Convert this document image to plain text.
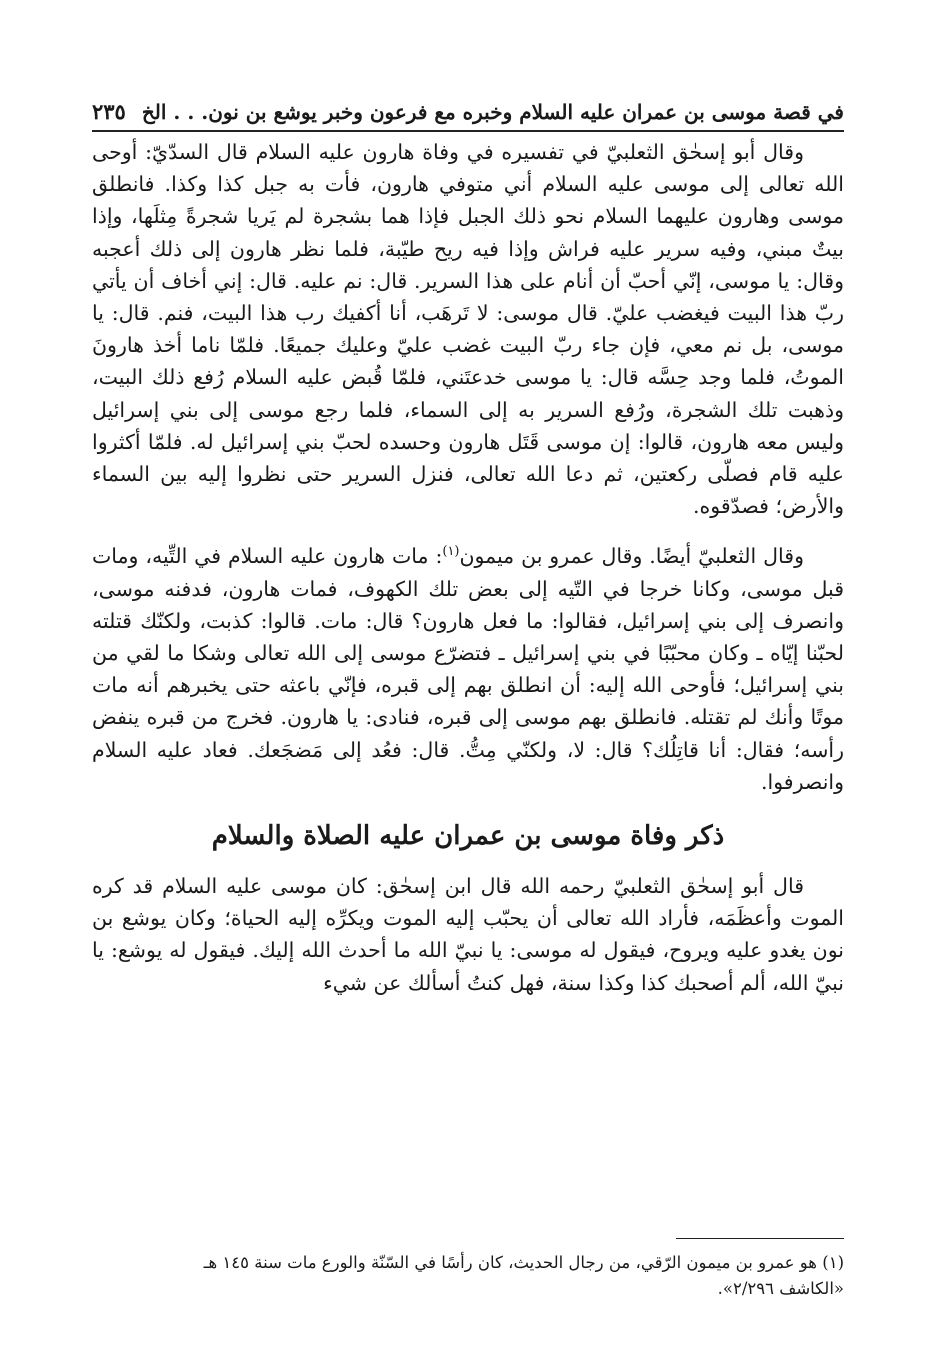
في قصة موسى بن عمران عليه السلام وخبره مع فرعون وخبر يوشع بن نون. . . الخ
٢٣٥

وقال أبو إسحٰق الثعلبيّ في تفسيره في وفاة هارون عليه السلام قال السدّيّ: أوحى الله تعالى إلى موسى عليه السلام أني متوفي هارون، فأت به جبل كذا وكذا. فانطلق موسى وهارون عليهما السلام نحو ذلك الجبل فإذا هما بشجرة لم يَريا شجرةً مِثلَها، وإذا بيتٌ مبني، وفيه سرير عليه فراش وإذا فيه ريح طيّبة، فلما نظر هارون إلى ذلك أعجبه وقال: يا موسى، إنّي أحبّ أن أنام على هذا السرير. قال: نم عليه. قال: إني أخاف أن يأتي ربّ هذا البيت فيغضب عليّ. قال موسى: لا تَرهَب، أنا أكفيك رب هذا البيت، فنم. قال: يا موسى، بل نم معي، فإن جاء ربّ البيت غضب عليّ وعليك جميعًا. فلمّا ناما أخذ هارونَ الموتُ، فلما وجد حِسَّه قال: يا موسى خدعتَني، فلمّا قُبض عليه السلام رُفع ذلك البيت، وذهبت تلك الشجرة، ورُفع السرير به إلى السماء، فلما رجع موسى إلى بني إسرائيل وليس معه هارون، قالوا: إن موسى قَتَل هارون وحسده لحبّ بني إسرائيل له. فلمّا أكثروا عليه قام فصلّى ركعتين، ثم دعا الله تعالى، فنزل السرير حتى نظروا إليه بين السماء والأرض؛ فصدّقوه.

وقال الثعلبيّ أيضًا. وقال عمرو بن ميمون$^{(١)}$: مات هارون عليه السلام في التِّيه، ومات قبل موسى، وكانا خرجا في التّيه إلى بعض تلك الكهوف، فمات هارون، فدفنه موسى، وانصرف إلى بني إسرائيل، فقالوا: ما فعل هارون؟ قال: مات. قالوا: كذبت، ولكنّك قتلته لحبّنا إيّاه ـ وكان محبّبًا في بني إسرائيل ـ فتضرّع موسى إلى الله تعالى وشكا ما لقي من بني إسرائيل؛ فأوحى الله إليه: أن انطلق بهم إلى قبره، فإنّي باعثه حتى يخبرهم أنه مات موتًا وأنك لم تقتله. فانطلق بهم موسى إلى قبره، فنادى: يا هارون. فخرج من قبره ينفض رأسه؛ فقال: أنا قاتِلُك؟ قال: لا، ولكنّي مِتُّ. قال: فعُد إلى مَضجَعك. فعاد عليه السلام وانصرفوا.

ذكر وفاة موسى بن عمران عليه الصلاة والسلام

قال أبو إسحٰق الثعلبيّ رحمه الله قال ابن إسحٰق: كان موسى عليه السلام قد كره الموت وأعظَمَه، فأراد الله تعالى أن يحبّب إليه الموت ويكرِّه إليه الحياة؛ وكان يوشع بن نون يغدو عليه ويروح، فيقول له موسى: يا نبيّ الله ما أحدث الله إليك. فيقول له يوشع: يا نبيّ الله، ألم أصحبك كذا وكذا سنة، فهل كنتُ أسألك عن شيء

(١) هو عمرو بن ميمون الرّقي، من رجال الحديث، كان رأسًا في السّنّة والورع مات سنة ١٤٥ هـ
«الكاشف ٢/٢٩٦».
